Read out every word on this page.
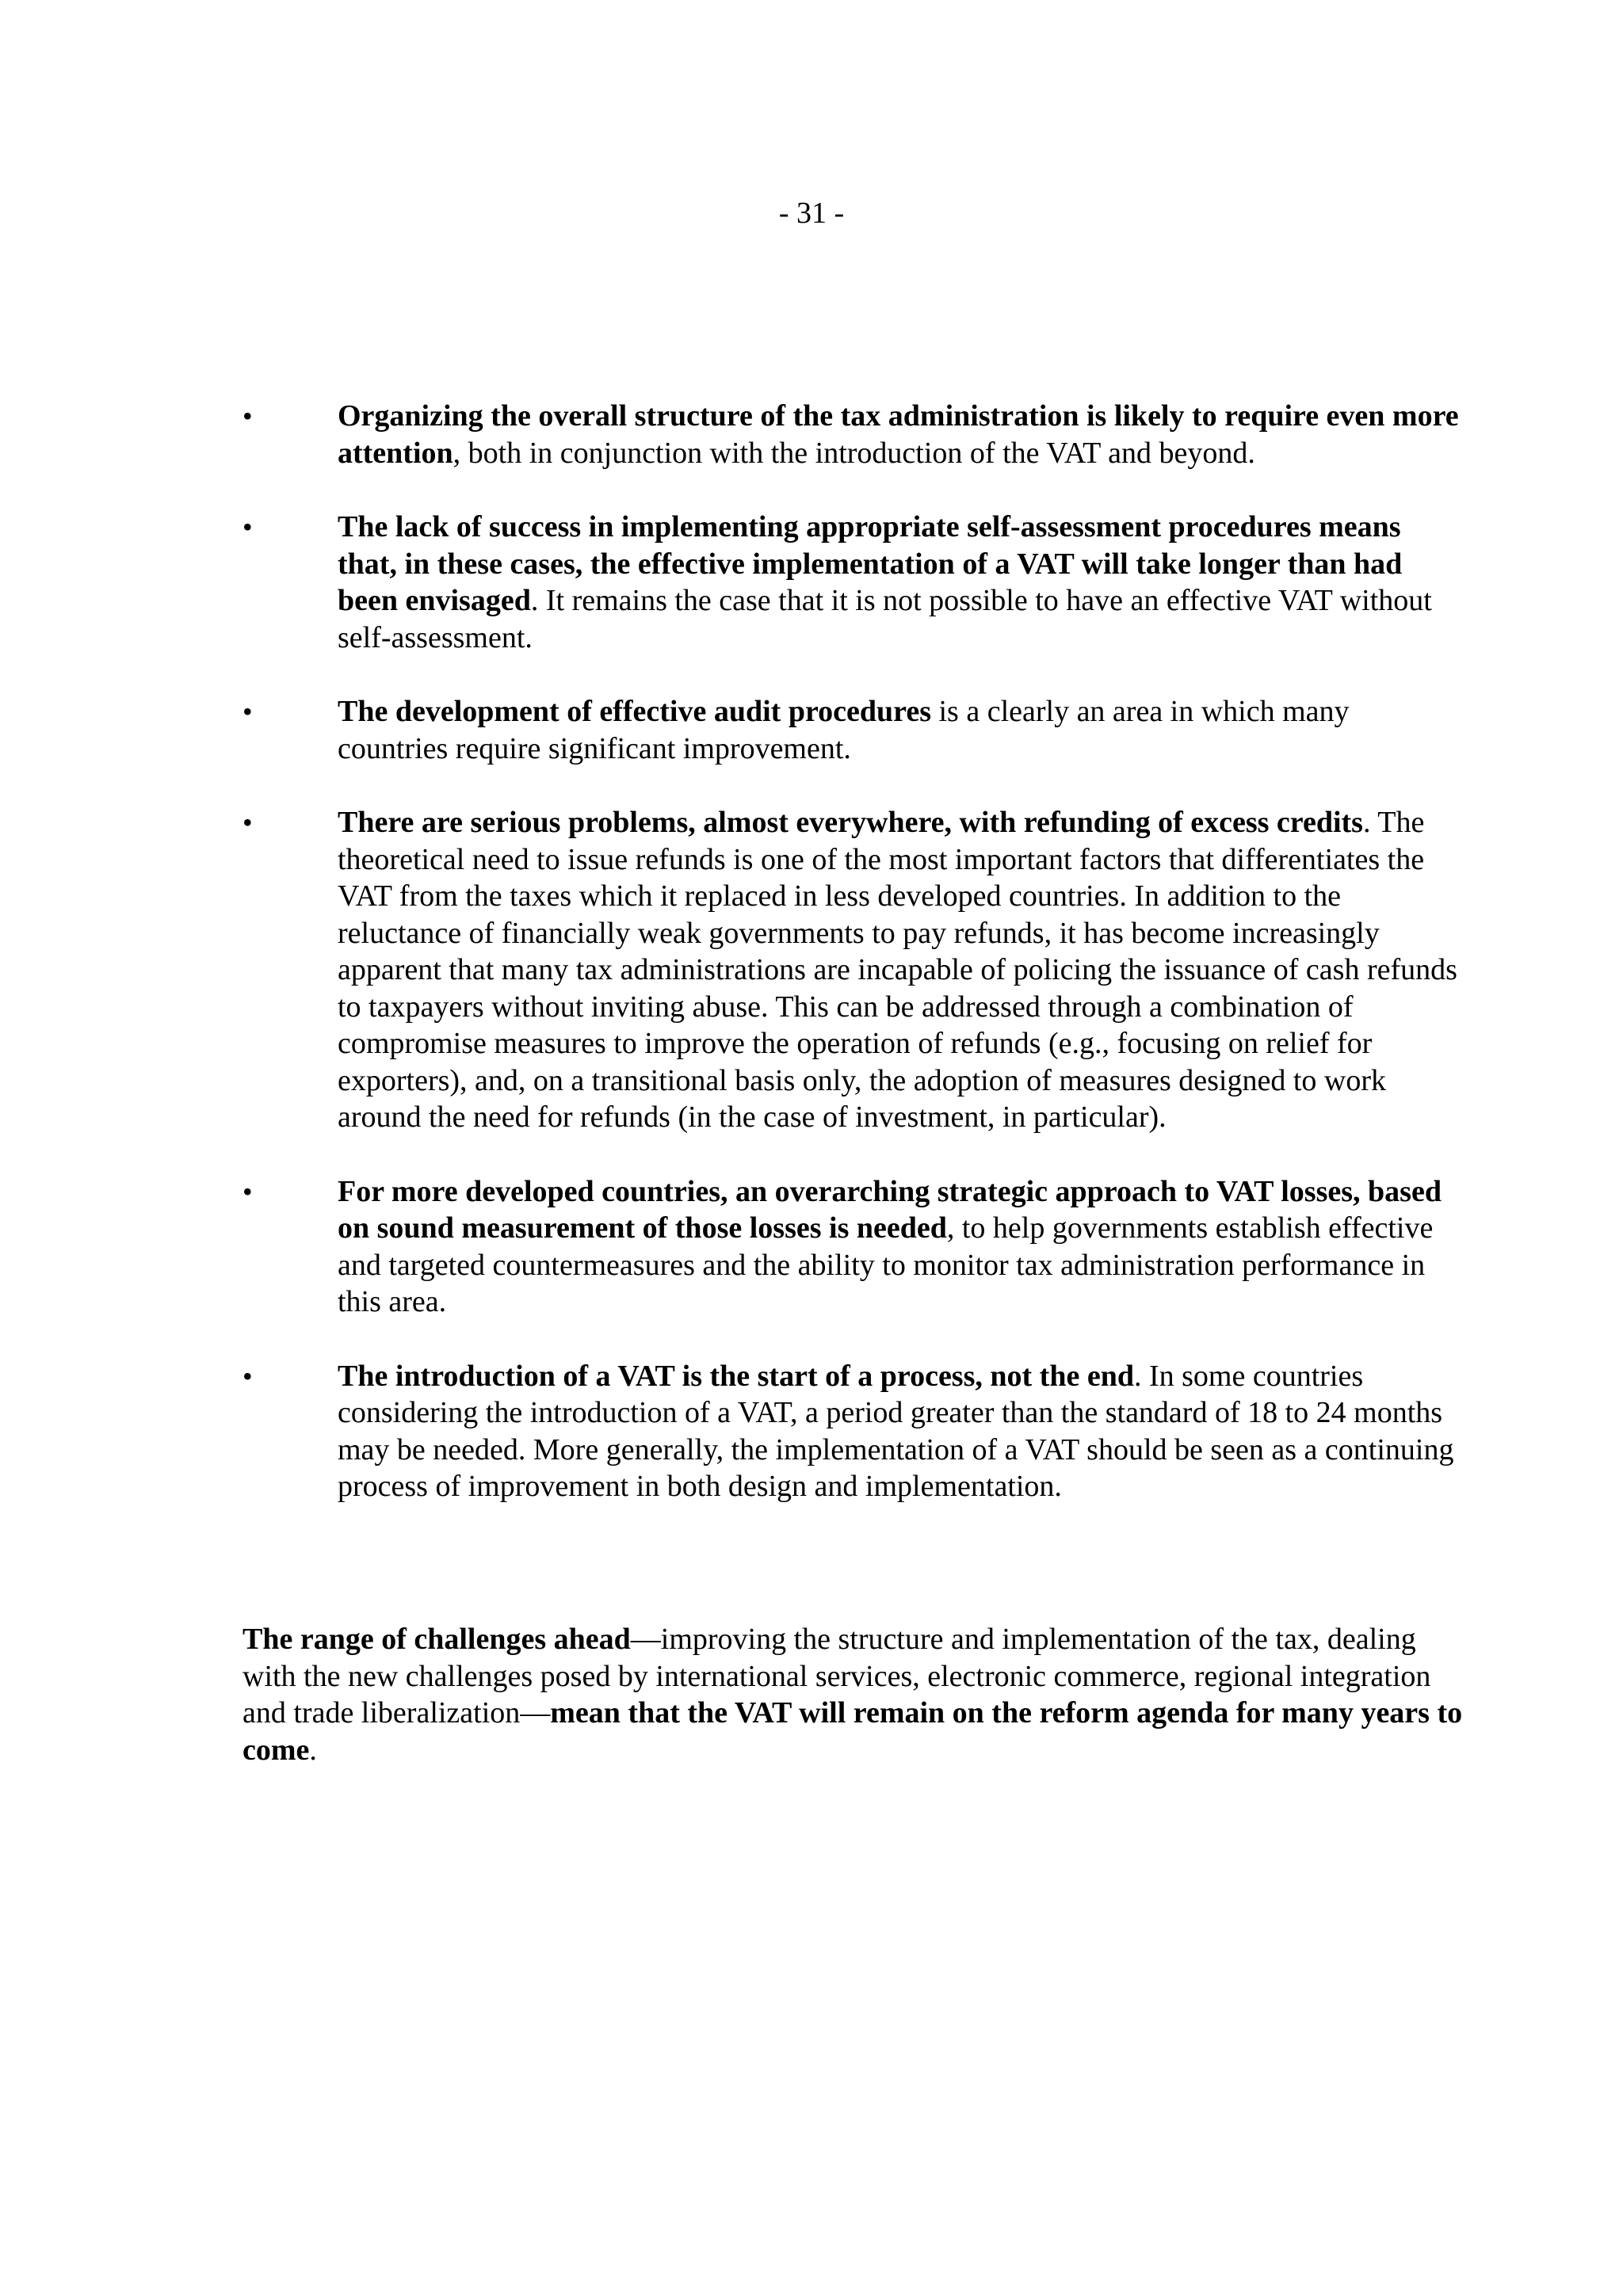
- 31 -
•	Organizing the overall structure of the tax administration is likely to require even more attention, both in conjunction with the introduction of the VAT and beyond.
•	The lack of success in implementing appropriate self-assessment procedures means that, in these cases, the effective implementation of a VAT will take longer than had been envisaged. It remains the case that it is not possible to have an effective VAT without self-assessment.
•	The development of effective audit procedures is a clearly an area in which many countries require significant improvement.
•	There are serious problems, almost everywhere, with refunding of excess credits. The theoretical need to issue refunds is one of the most important factors that differentiates the VAT from the taxes which it replaced in less developed countries. In addition to the reluctance of financially weak governments to pay refunds, it has become increasingly apparent that many tax administrations are incapable of policing the issuance of cash refunds to taxpayers without inviting abuse. This can be addressed through a combination of compromise measures to improve the operation of refunds (e.g., focusing on relief for exporters), and, on a transitional basis only, the adoption of measures designed to work around the need for refunds (in the case of investment, in particular).
•	For more developed countries, an overarching strategic approach to VAT losses, based on sound measurement of those losses is needed, to help governments establish effective and targeted countermeasures and the ability to monitor tax administration performance in this area.
•	The introduction of a VAT is the start of a process, not the end. In some countries considering the introduction of a VAT, a period greater than the standard of 18 to 24 months may be needed. More generally, the implementation of a VAT should be seen as a continuing process of improvement in both design and implementation.

The range of challenges ahead—improving the structure and implementation of the tax, dealing with the new challenges posed by international services, electronic commerce, regional integration and trade liberalization—mean that the VAT will remain on the reform agenda for many years to come.
